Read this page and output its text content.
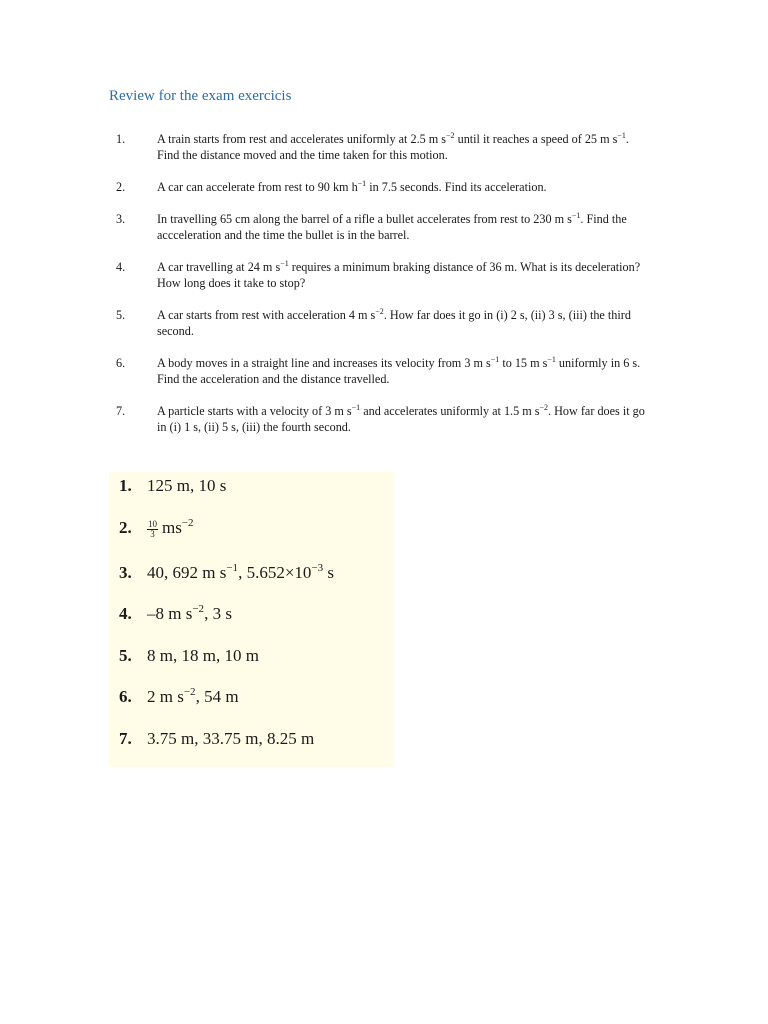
Review for the exam exercicis
1.	A train starts from rest and accelerates uniformly at 2.5 m $s^{-2}$ until it reaches a speed of 25 m $s^{-1}$. Find the distance moved and the time taken for this motion.
2.	A car can accelerate from rest to 90 km $h^{-1}$ in 7.5 seconds. Find its acceleration.
3.	In travelling 65 cm along the barrel of a rifle a bullet accelerates from rest to 230 m $s^{-1}$. Find the accceleration and the time the bullet is in the barrel.
4.	A car travelling at 24 m $s^{-1}$ requires a minimum braking distance of 36 m. What is its deceleration? How long does it take to stop?
5.	A car starts from rest with acceleration 4 m $s^{-2}$. How far does it go in (i) 2 s, (ii) 3 s, (iii) the third second.
6.	A body moves in a straight line and increases its velocity from 3 m $s^{-1}$ to 15 m $s^{-1}$ uniformly in 6 s. Find the acceleration and the distance travelled.
7.	A particle starts with a velocity of 3 m $s^{-1}$ and accelerates uniformly at 1.5 m $s^{-2}$. How far does it go in (i) 1 s, (ii) 5 s, (iii) the fourth second.
1. 125 m, 10 s
2. $\frac{10}{3} ms^{-2}$
3. 40, 692 m $s^{-1}$, $5.652\times 10^{-3}$ s
4. –8 m $s^{-2}$, 3 s
5. 8 m, 18 m, 10 m
6. 2 m $s^{-2}$, 54 m
7. 3.75 m, 33.75 m, 8.25 m
